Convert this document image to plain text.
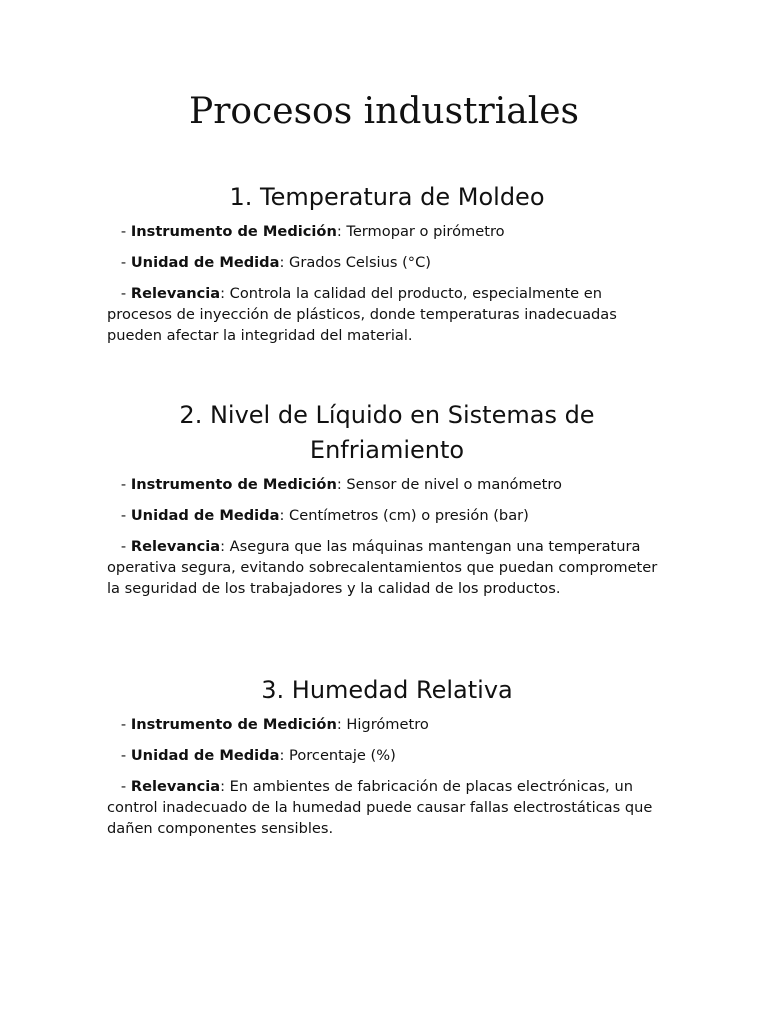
Procesos industriales
1. Temperatura de Moldeo

- Instrumento de Medición: Termopar o pirómetro

- Unidad de Medida: Grados Celsius (°C)

- Relevancia: Controla la calidad del producto, especialmente en procesos de inyección de plásticos, donde temperaturas inadecuadas pueden afectar la integridad del material.

2. Nivel de Líquido en Sistemas de Enfriamiento

- Instrumento de Medición: Sensor de nivel o manómetro

- Unidad de Medida: Centímetros (cm) o presión (bar)

- Relevancia: Asegura que las máquinas mantengan una temperatura operativa segura, evitando sobrecalentamientos que puedan comprometer la seguridad de los trabajadores y la calidad de los productos.

3. Humedad Relativa

- Instrumento de Medición: Higrómetro

- Unidad de Medida: Porcentaje (%)

- Relevancia: En ambientes de fabricación de placas electrónicas, un control inadecuado de la humedad puede causar fallas electrostáticas que dañen componentes sensibles.
